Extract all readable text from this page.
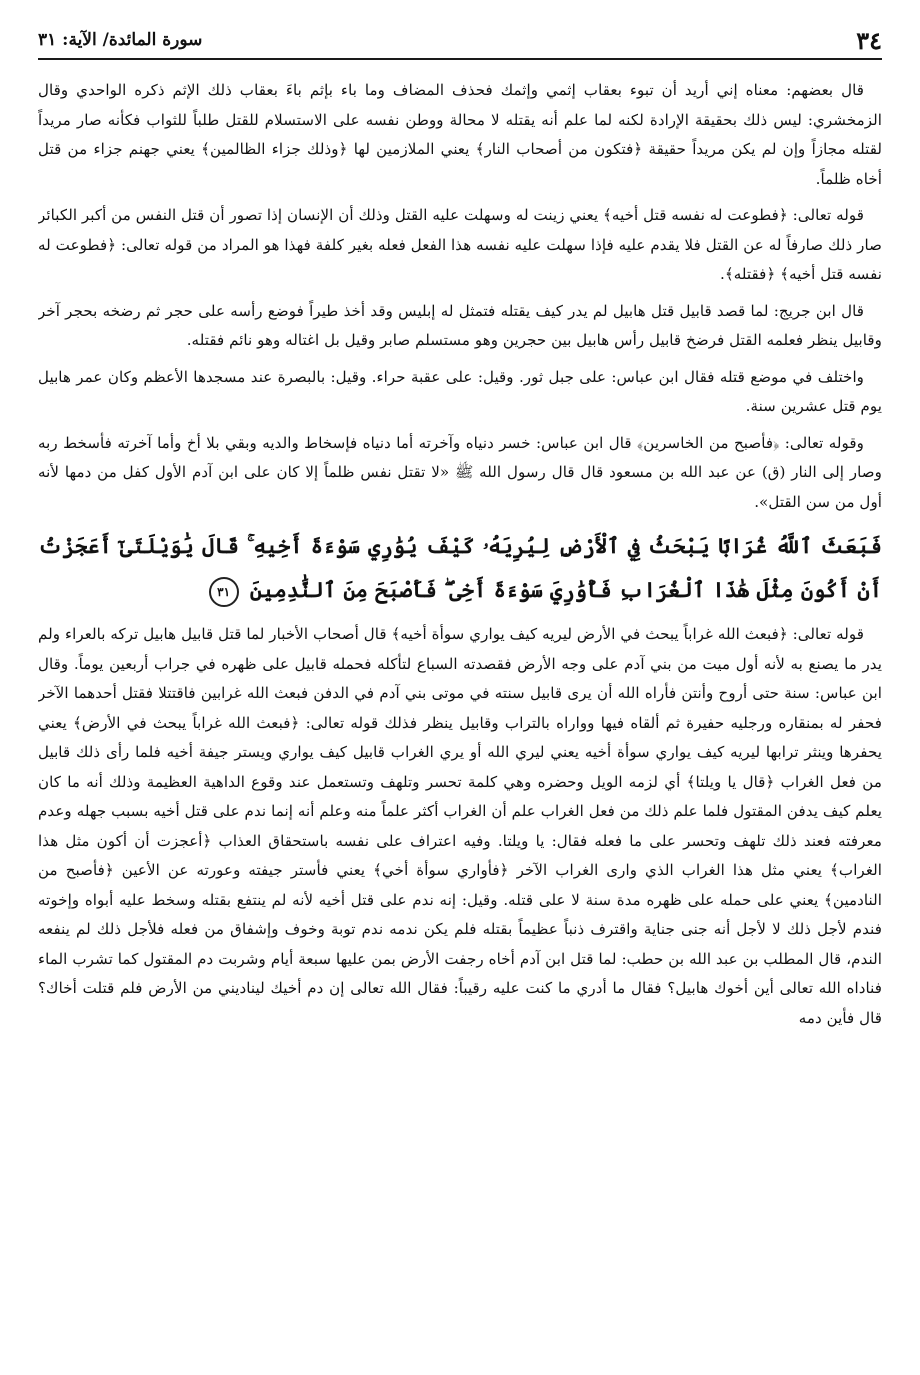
٣٤
سورة المائدة/ الآية: ٣١

قال بعضهم: معناه إني أريد أن تبوء بعقاب إثمي وإثمك فحذف المضاف وما باء بإثم باءَ بعقاب ذلك الإثم ذكره الواحدي وقال الزمخشري: ليس ذلك بحقيقة الإرادة لكنه لما علم أنه يقتله لا محالة ووطن نفسه على الاستسلام للقتل طلباً للثواب فكأنه صار مريداً لقتله مجازاً وإن لم يكن مريداً حقيقة ﴿فتكون من أصحاب النار﴾ يعني الملازمين لها ﴿وذلك جزاء الظالمين﴾ يعني جهنم جزاء من قتل أخاه ظلماً.

قوله تعالى: ﴿فطوعت له نفسه قتل أخيه﴾ يعني زينت له وسهلت عليه القتل وذلك أن الإنسان إذا تصور أن قتل النفس من أكبر الكبائر صار ذلك صارفاً له عن القتل فلا يقدم عليه فإذا سهلت عليه نفسه هذا الفعل فعله بغير كلفة فهذا هو المراد من قوله تعالى: ﴿فطوعت له نفسه قتل أخيه﴾ ﴿فقتله﴾.

قال ابن جريج: لما قصد قابيل قتل هابيل لم يدر كيف يقتله فتمثل له إبليس وقد أخذ طيراً فوضع رأسه على حجر ثم رضخه بحجر آخر وقابيل ينظر فعلمه القتل فرضخ قابيل رأس هابيل بين حجرين وهو مستسلم صابر وقيل بل اغتاله وهو نائم فقتله.

واختلف في موضع قتله فقال ابن عباس: على جبل ثور. وقيل: على عقبة حراء. وقيل: بالبصرة عند مسجدها الأعظم وكان عمر هابيل يوم قتل عشرين سنة.

وقوله تعالى: ﴿فأصبح من الخاسرين﴾ قال ابن عباس: خسر دنياه وآخرته أما دنياه فإسخاط والديه وبقي بلا أخ وأما آخرته فأسخط ربه وصار إلى النار (ق) عن عبد الله بن مسعود قال قال رسول الله ﷺ «لا تقتل نفس ظلماً إلا كان على ابن آدم الأول كفل من دمها لأنه أول من سن القتل».

فَبَعَثَ ٱللَّهُ غُرَابًا يَبْحَثُ فِي ٱلْأَرْضِ لِيُرِيَهُۥ كَيْفَ يُوَٰرِي سَوْءَةَ أَخِيهِ ۚ قَالَ يَٰوَيْلَتَىٰٓ أَعَجَزْتُ أَنْ أَكُونَ مِثْلَ هَٰذَا ٱلْغُرَابِ فَأُوَٰرِيَ سَوْءَةَ أَخِى ۖ فَأَصْبَحَ مِنَ ٱلنَّٰدِمِينَ ٣١

قوله تعالى: ﴿فبعث الله غراباً يبحث في الأرض ليريه كيف يواري سوأة أخيه﴾ قال أصحاب الأخبار لما قتل قابيل هابيل تركه بالعراء ولم يدر ما يصنع به لأنه أول ميت من بني آدم على وجه الأرض فقصدته السباع لتأكله فحمله قابيل على ظهره في جراب أربعين يوماً. وقال ابن عباس: سنة حتى أروح وأنتن فأراه الله أن يرى قابيل سنته في موتى بني آدم في الدفن فبعث الله غرابين فاقتتلا فقتل أحدهما الآخر فحفر له بمنقاره ورجليه حفيرة ثم ألقاه فيها وواراه بالتراب وقابيل ينظر فذلك قوله تعالى: ﴿فبعث الله غراباً يبحث في الأرض﴾ يعني يحفرها وينثر ترابها ليريه كيف يواري سوأة أخيه يعني ليري الله أو يري الغراب قابيل كيف يواري ويستر جيفة أخيه فلما رأى ذلك قابيل من فعل الغراب ﴿قال يا ويلتا﴾ أي لزمه الويل وحضره وهي كلمة تحسر وتلهف وتستعمل عند وقوع الداهية العظيمة وذلك أنه ما كان يعلم كيف يدفن المقتول فلما علم ذلك من فعل الغراب علم أن الغراب أكثر علماً منه وعلم أنه إنما ندم على قتل أخيه بسبب جهله وعدم معرفته فعند ذلك تلهف وتحسر على ما فعله فقال: يا ويلتا. وفيه اعتراف على نفسه باستحقاق العذاب ﴿أعجزت أن أكون مثل هذا الغراب﴾ يعني مثل هذا الغراب الذي وارى الغراب الآخر ﴿فأواري سوأة أخي﴾ يعني فأستر جيفته وعورته عن الأعين ﴿فأصبح من النادمين﴾ يعني على حمله على ظهره مدة سنة لا على قتله. وقيل: إنه ندم على قتل أخيه لأنه لم ينتفع بقتله وسخط عليه أبواه وإخوته فندم لأجل ذلك لا لأجل أنه جنى جناية واقترف ذنباً عظيماً بقتله فلم يكن ندمه ندم توبة وخوف وإشفاق من فعله فلأجل ذلك لم ينفعه الندم، قال المطلب بن عبد الله بن حطب: لما قتل ابن آدم أخاه رجفت الأرض بمن عليها سبعة أيام وشربت دم المقتول كما تشرب الماء فناداه الله تعالى أين أخوك هابيل؟ فقال ما أدري ما كنت عليه رقيباً: فقال الله تعالى إن دم أخيك لينا‌ديني من الأرض فلم قتلت أخاك؟ قال فأين دمه
